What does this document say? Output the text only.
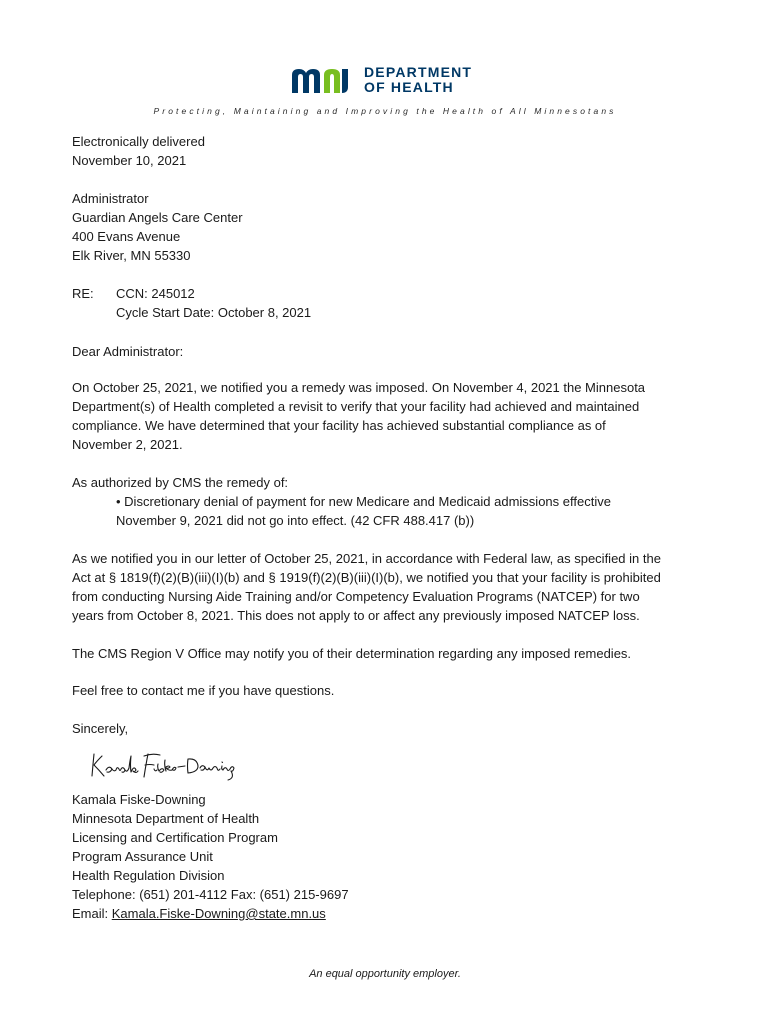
DEPARTMENT
OF HEALTH
Protecting, Maintaining and Improving the Health of All Minnesotans
Electronically delivered
November 10, 2021
Administrator
Guardian Angels Care Center
400 Evans Avenue
Elk River, MN 55330
RE: CCN: 245012
Cycle Start Date: October 8, 2021
Dear Administrator:
On October 25, 2021, we notified you a remedy was imposed. On November 4, 2021 the Minnesota
Department(s) of Health completed a revisit to verify that your facility had achieved and maintained
compliance. We have determined that your facility has achieved substantial compliance as of
November 2, 2021.
As authorized by CMS the remedy of:
• Discretionary denial of payment for new Medicare and Medicaid admissions effective
November 9, 2021 did not go into effect. (42 CFR 488.417 (b))
As we notified you in our letter of October 25, 2021, in accordance with Federal law, as specified in the
Act at § 1819(f)(2)(B)(iii)(I)(b) and § 1919(f)(2)(B)(iii)(I)(b), we notified you that your facility is prohibited
from conducting Nursing Aide Training and/or Competency Evaluation Programs (NATCEP) for two
years from October 8, 2021. This does not apply to or affect any previously imposed NATCEP loss.
The CMS Region V Office may notify you of their determination regarding any imposed remedies.
Feel free to contact me if you have questions.
Sincerely,
Kamala Fiske-Downing
Minnesota Department of Health
Licensing and Certification Program
Program Assurance Unit
Health Regulation Division
Telephone: (651) 201-4112 Fax: (651) 215-9697
Email: Kamala.Fiske-Downing@state.mn.us
An equal opportunity employer.
